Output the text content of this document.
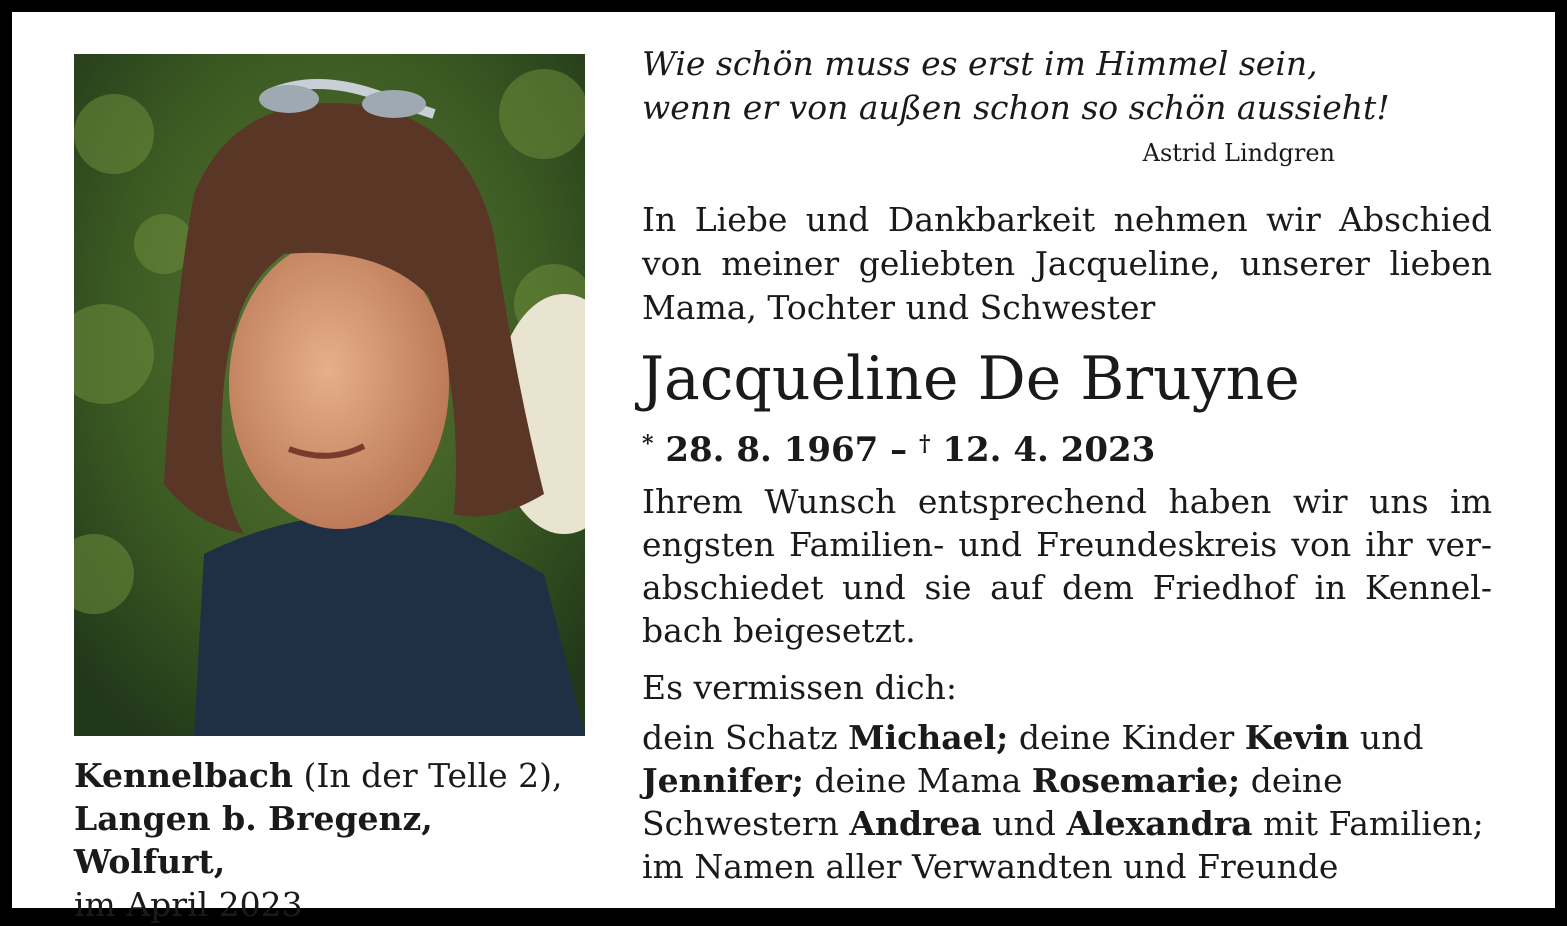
Kennelbach (In der Telle 2),
Langen b. Bregenz, Wolfurt,
im April 2023
Wie schön muss es erst im Himmel sein,
wenn er von außen schon so schön aussieht!
Astrid Lindgren
In Liebe und Dankbarkeit nehmen wir Abschied von meiner geliebten Jacqueline, unserer lieben Mama, Tochter und Schwester
Jacqueline De Bruyne
* 28. 8. 1967 – † 12. 4. 2023
Ihrem Wunsch entsprechend haben wir uns im
engsten Familien- und Freundeskreis von ihr ver-
abschiedet und sie auf dem Friedhof in Kennel-
bach beigesetzt.
Es vermissen dich:
dein Schatz Michael; deine Kinder Kevin und
Jennifer; deine Mama Rosemarie; deine
Schwestern Andrea und Alexandra mit Familien;
im Namen aller Verwandten und Freunde
